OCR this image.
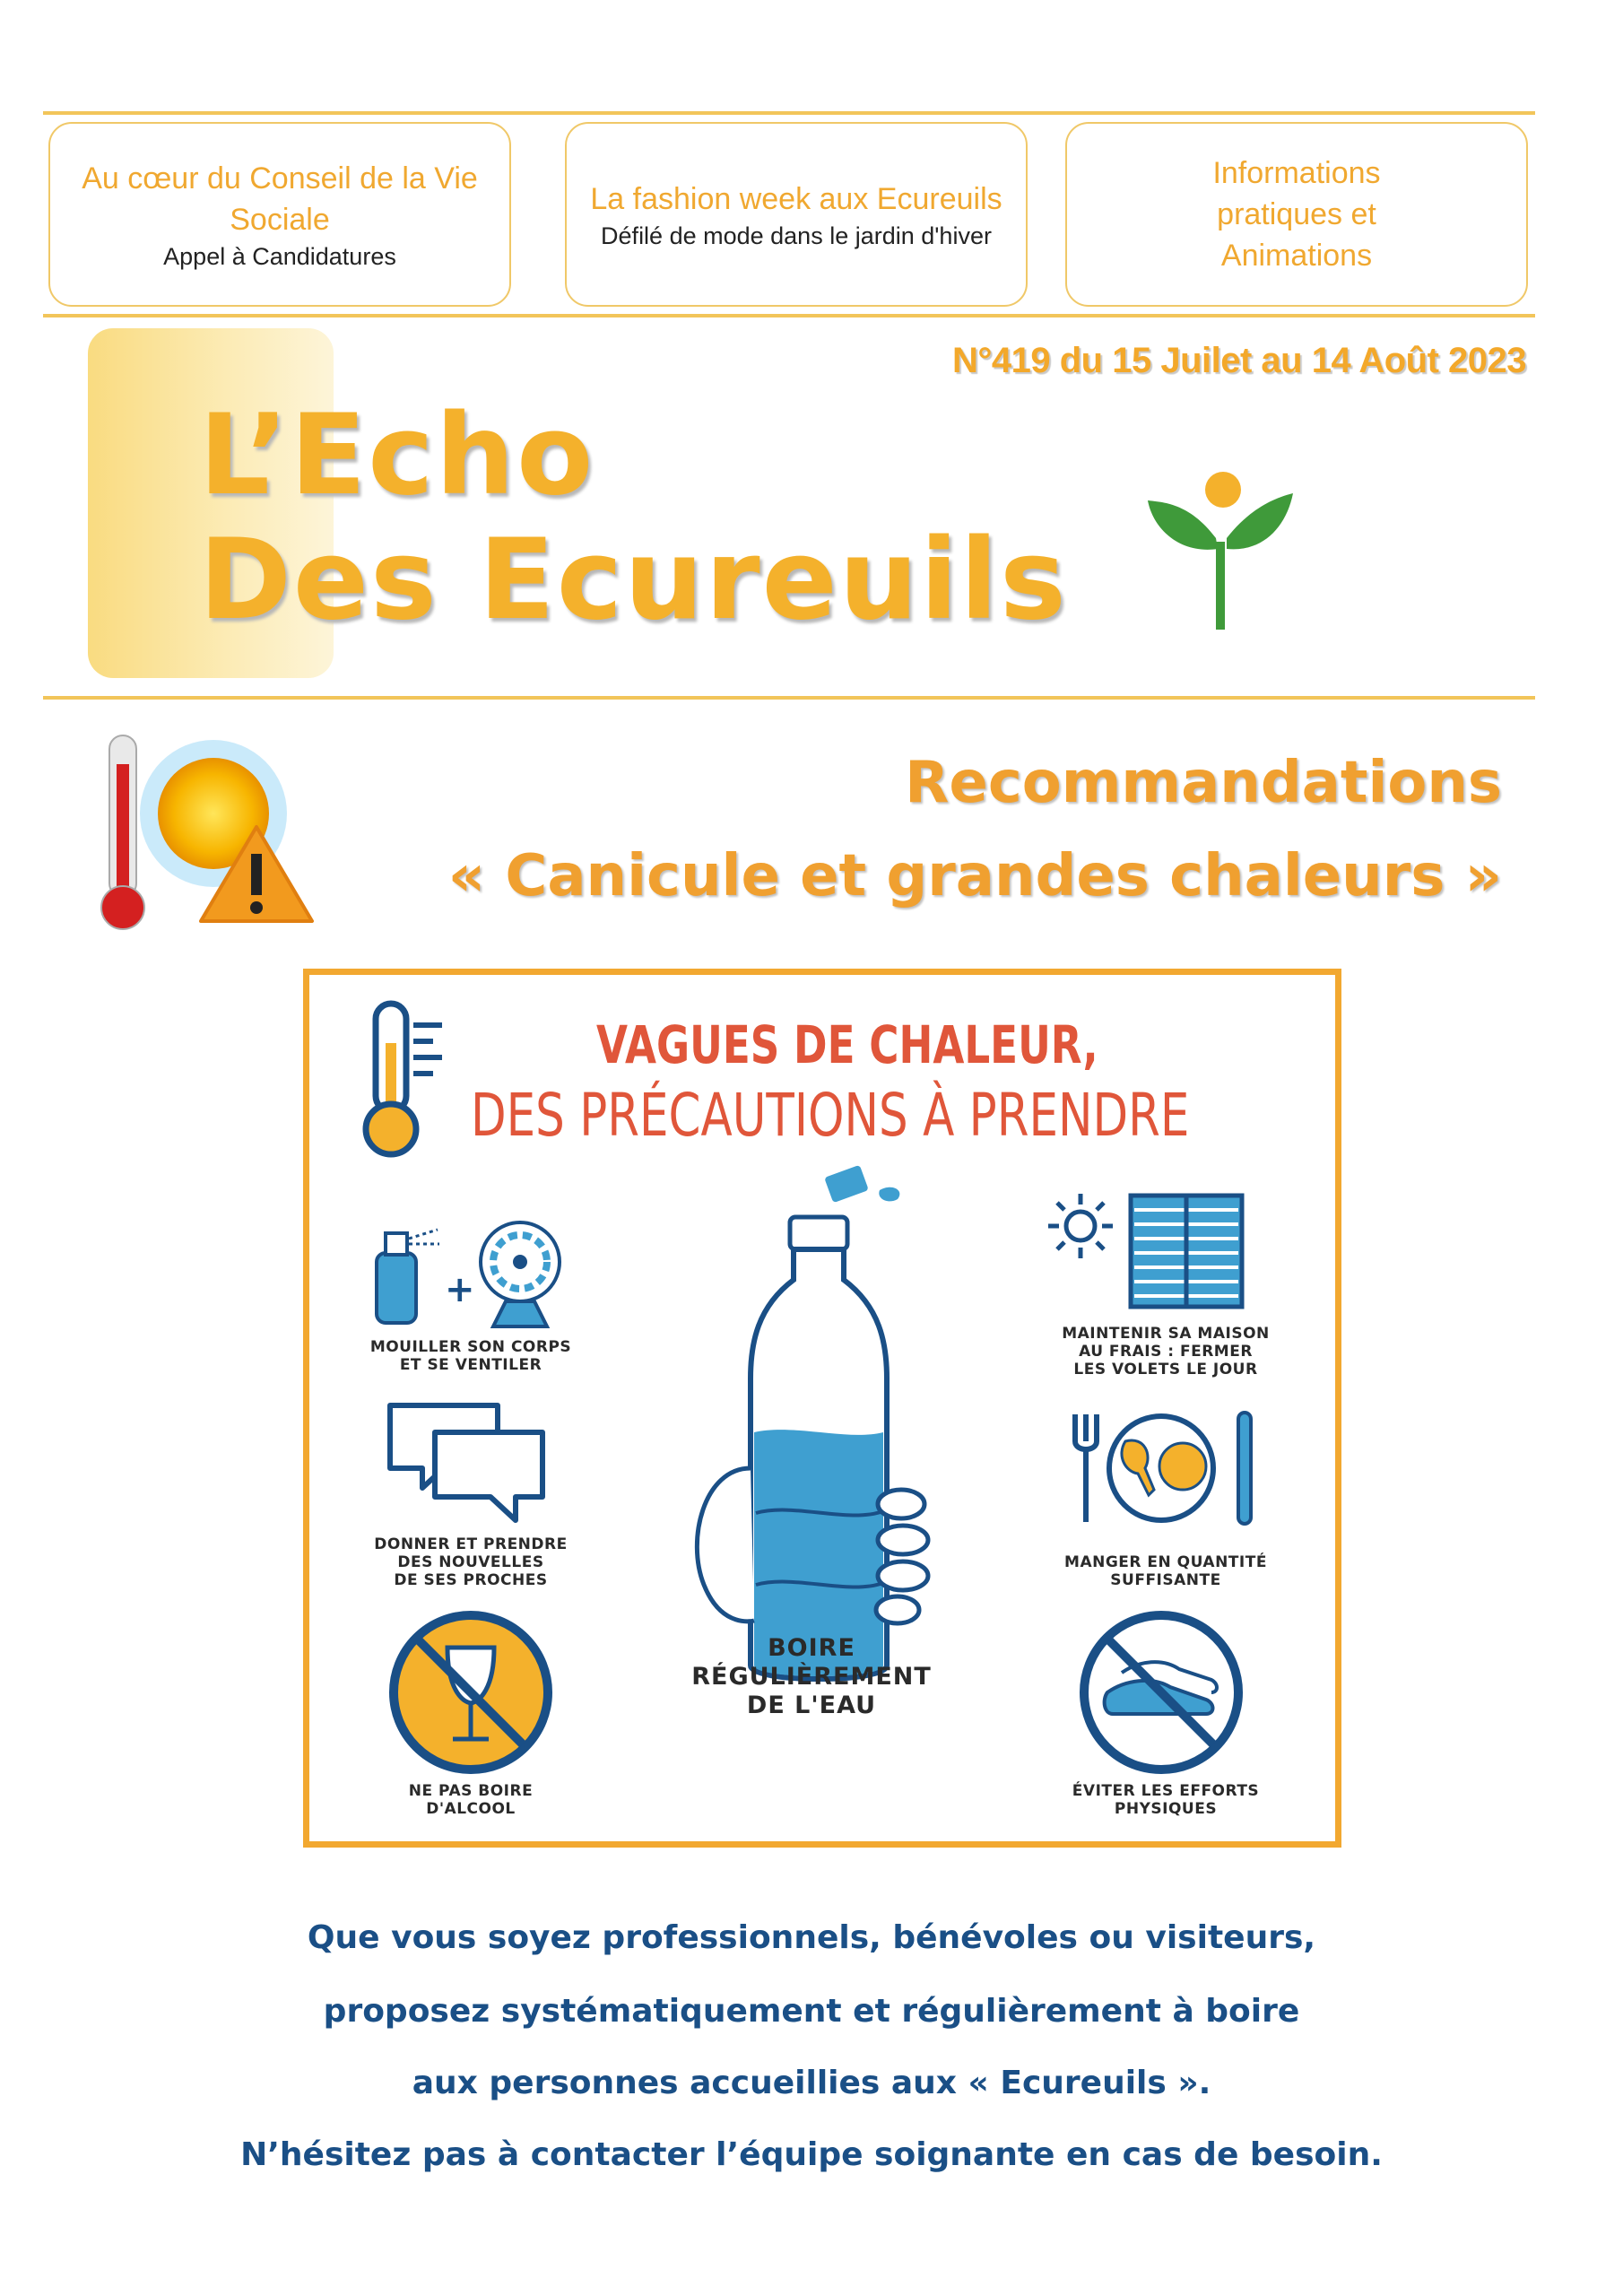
Au cœur du Conseil de la Vie Sociale
Appel à Candidatures
La fashion week aux Ecureuils
Défilé de mode dans le jardin d'hiver
Informations pratiques et Animations
N°419 du 15 Juilet au 14 Août 2023
L’Echo
Des Ecureuils
Recommandations
« Canicule et grandes chaleurs »
VAGUES DE CHALEUR,
DES PRÉCAUTIONS À PRENDRE
+
MOUILLER SON CORPS
ET SE VENTILER
DONNER ET PRENDRE
DES NOUVELLES
DE SES PROCHES
NE PAS BOIRE
D'ALCOOL
BOIRE
RÉGULIÈREMENT
DE L'EAU
MAINTENIR SA MAISON
AU FRAIS : FERMER
LES VOLETS LE JOUR
MANGER EN QUANTITÉ
SUFFISANTE
ÉVITER LES EFFORTS
PHYSIQUES
Que vous soyez professionnels, bénévoles ou visiteurs,
proposez systématiquement et régulièrement à boire
aux personnes accueillies aux « Ecureuils ».
N’hésitez pas à contacter l’équipe soignante en cas de besoin.
